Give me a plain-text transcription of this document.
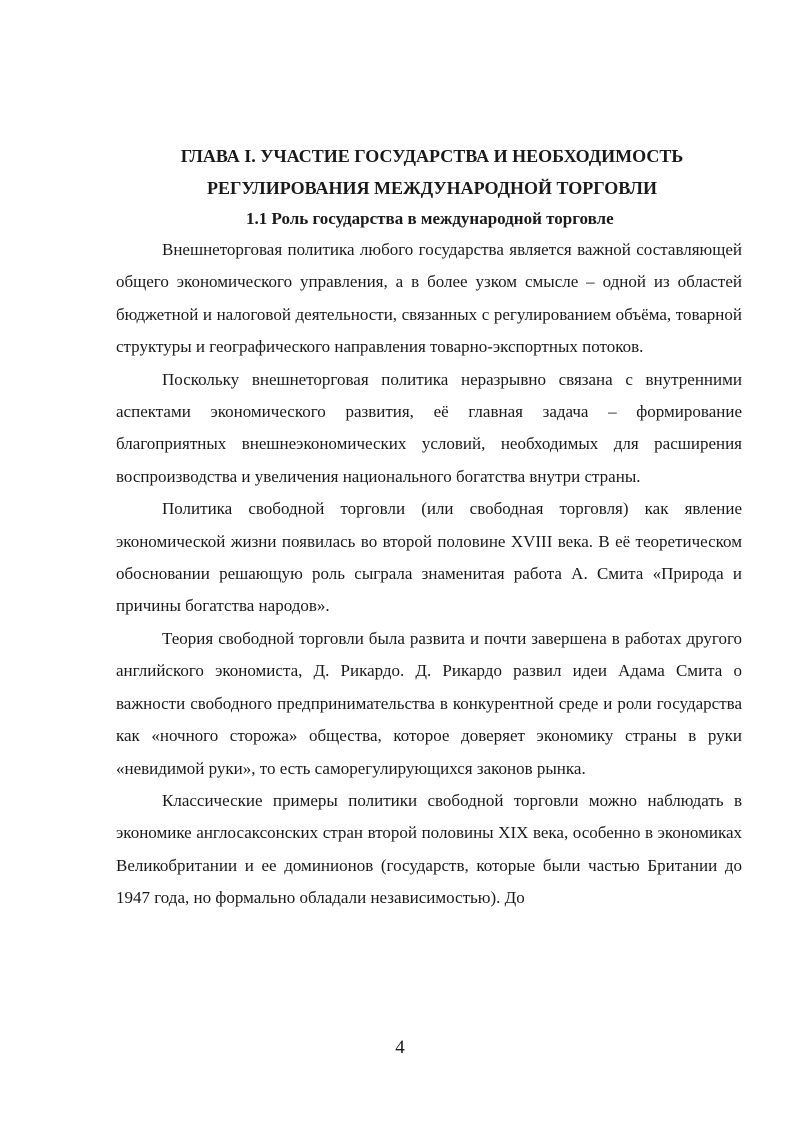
ГЛАВА I. УЧАСТИЕ ГОСУДАРСТВА И НЕОБХОДИМОСТЬ
РЕГУЛИРОВАНИЯ МЕЖДУНАРОДНОЙ ТОРГОВЛИ
1.1 Роль государства в международной торговле

Внешнеторговая политика любого государства является важной составляющей общего экономического управления, а в более узком смысле – одной из областей бюджетной и налоговой деятельности, связанных с регулированием объёма, товарной структуры и географического направления товарно-экспортных потоков.

Поскольку внешнеторговая политика неразрывно связана с внутренними аспектами экономического развития, её главная задача – формирование благоприятных внешнеэкономических условий, необходимых для расширения воспроизводства и увеличения национального богатства внутри страны.

Политика свободной торговли (или свободная торговля) как явление экономической жизни появилась во второй половине XVIII века. В её теоретическом обосновании решающую роль сыграла знаменитая работа А. Смита «Природа и причины богатства народов».

Теория свободной торговли была развита и почти завершена в работах другого английского экономиста, Д. Рикардо. Д. Рикардо развил идеи Адама Смита о важности свободного предпринимательства в конкурентной среде и роли государства как «ночного сторожа» общества, которое доверяет экономику страны в руки «невидимой руки», то есть саморегулирующихся законов рынка.

Классические примеры политики свободной торговли можно наблюдать в экономике англосаксонских стран второй половины XIX века, особенно в экономиках Великобритании и ее доминионов (государств, которые были частью Британии до 1947 года, но формально обладали независимостью). До

4
